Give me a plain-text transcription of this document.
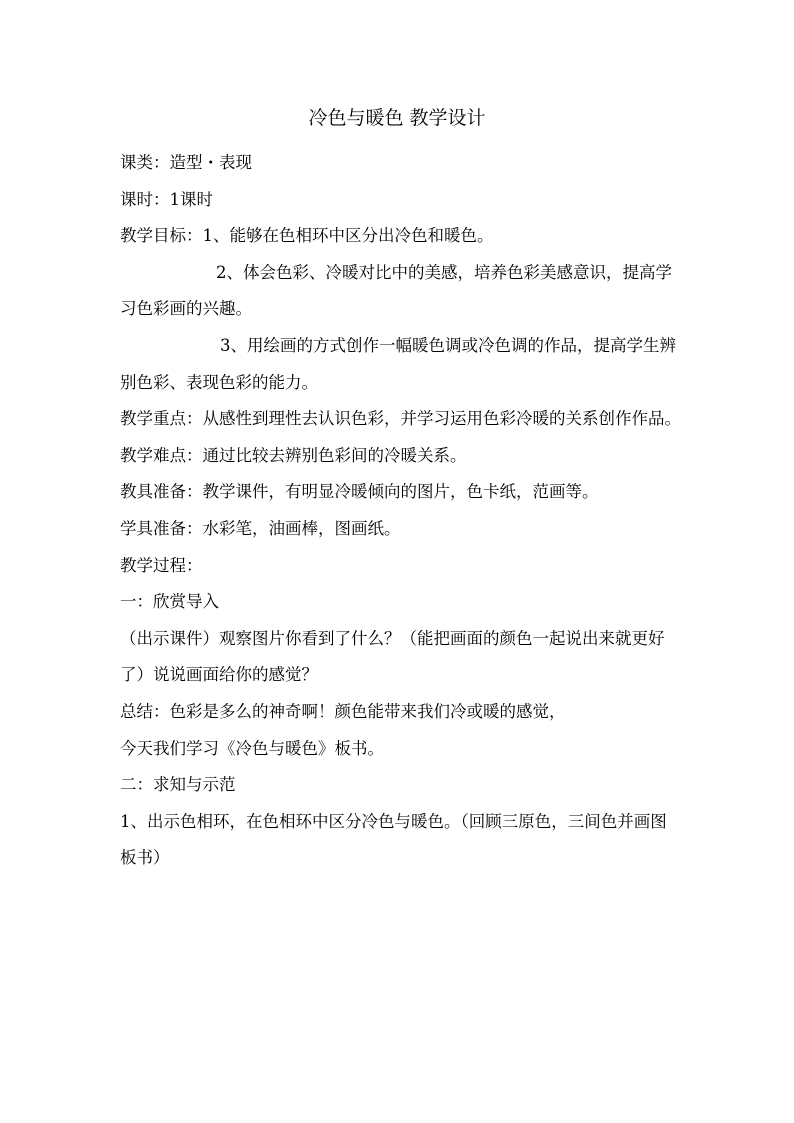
冷色与暖色 教学设计

课类：造型・表现

课时：1课时

教学目标：1、能够在色相环中区分出冷色和暖色。

2、体会色彩、冷暖对比中的美感，培养色彩美感意识，提高学习色彩画的兴趣。

3、用绘画的方式创作一幅暖色调或冷色调的作品，提高学生辨别色彩、表现色彩的能力。

教学重点：从感性到理性去认识色彩，并学习运用色彩冷暖的关系创作作品。

教学难点：通过比较去辨别色彩间的冷暖关系。

教具准备：教学课件，有明显冷暖倾向的图片，色卡纸，范画等。

学具准备：水彩笔，油画棒，图画纸。

教学过程：

一：欣赏导入

（出示课件）观察图片你看到了什么？（能把画面的颜色一起说出来就更好了）说说画面给你的感觉？

总结：色彩是多么的神奇啊！颜色能带来我们冷或暖的感觉，

今天我们学习《冷色与暖色》板书。

二：求知与示范

1、出示色相环，在色相环中区分冷色与暖色。（回顾三原色，三间色并画图板书）
